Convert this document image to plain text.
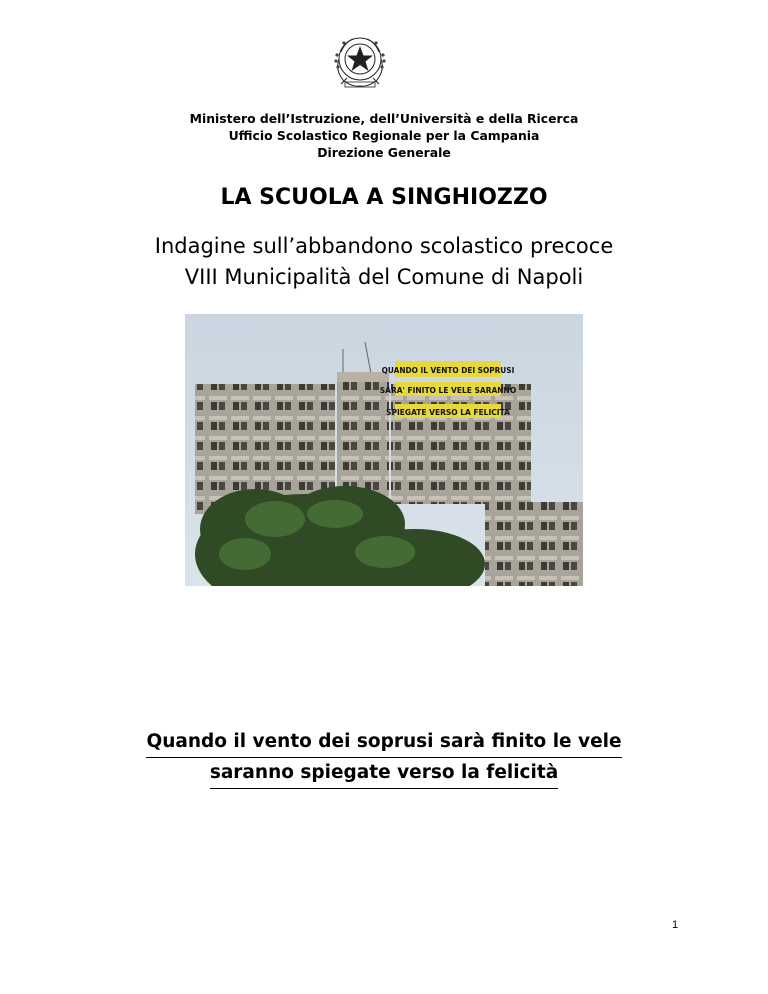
Ministero dell’Istruzione, dell’Università e della Ricerca
Ufficio Scolastico Regionale per la Campania
Direzione Generale
LA SCUOLA A SINGHIOZZO
Indagine sull’abbandono scolastico precoce
VIII Municipalità del Comune di Napoli
QUANDO IL VENTO DEI SOPRUSI
SARA' FINITO LE VELE SARANNO
SPIEGATE VERSO LA FELICITA
Quando il vento dei soprusi sarà finito le vele
saranno spiegate verso la felicità
1
